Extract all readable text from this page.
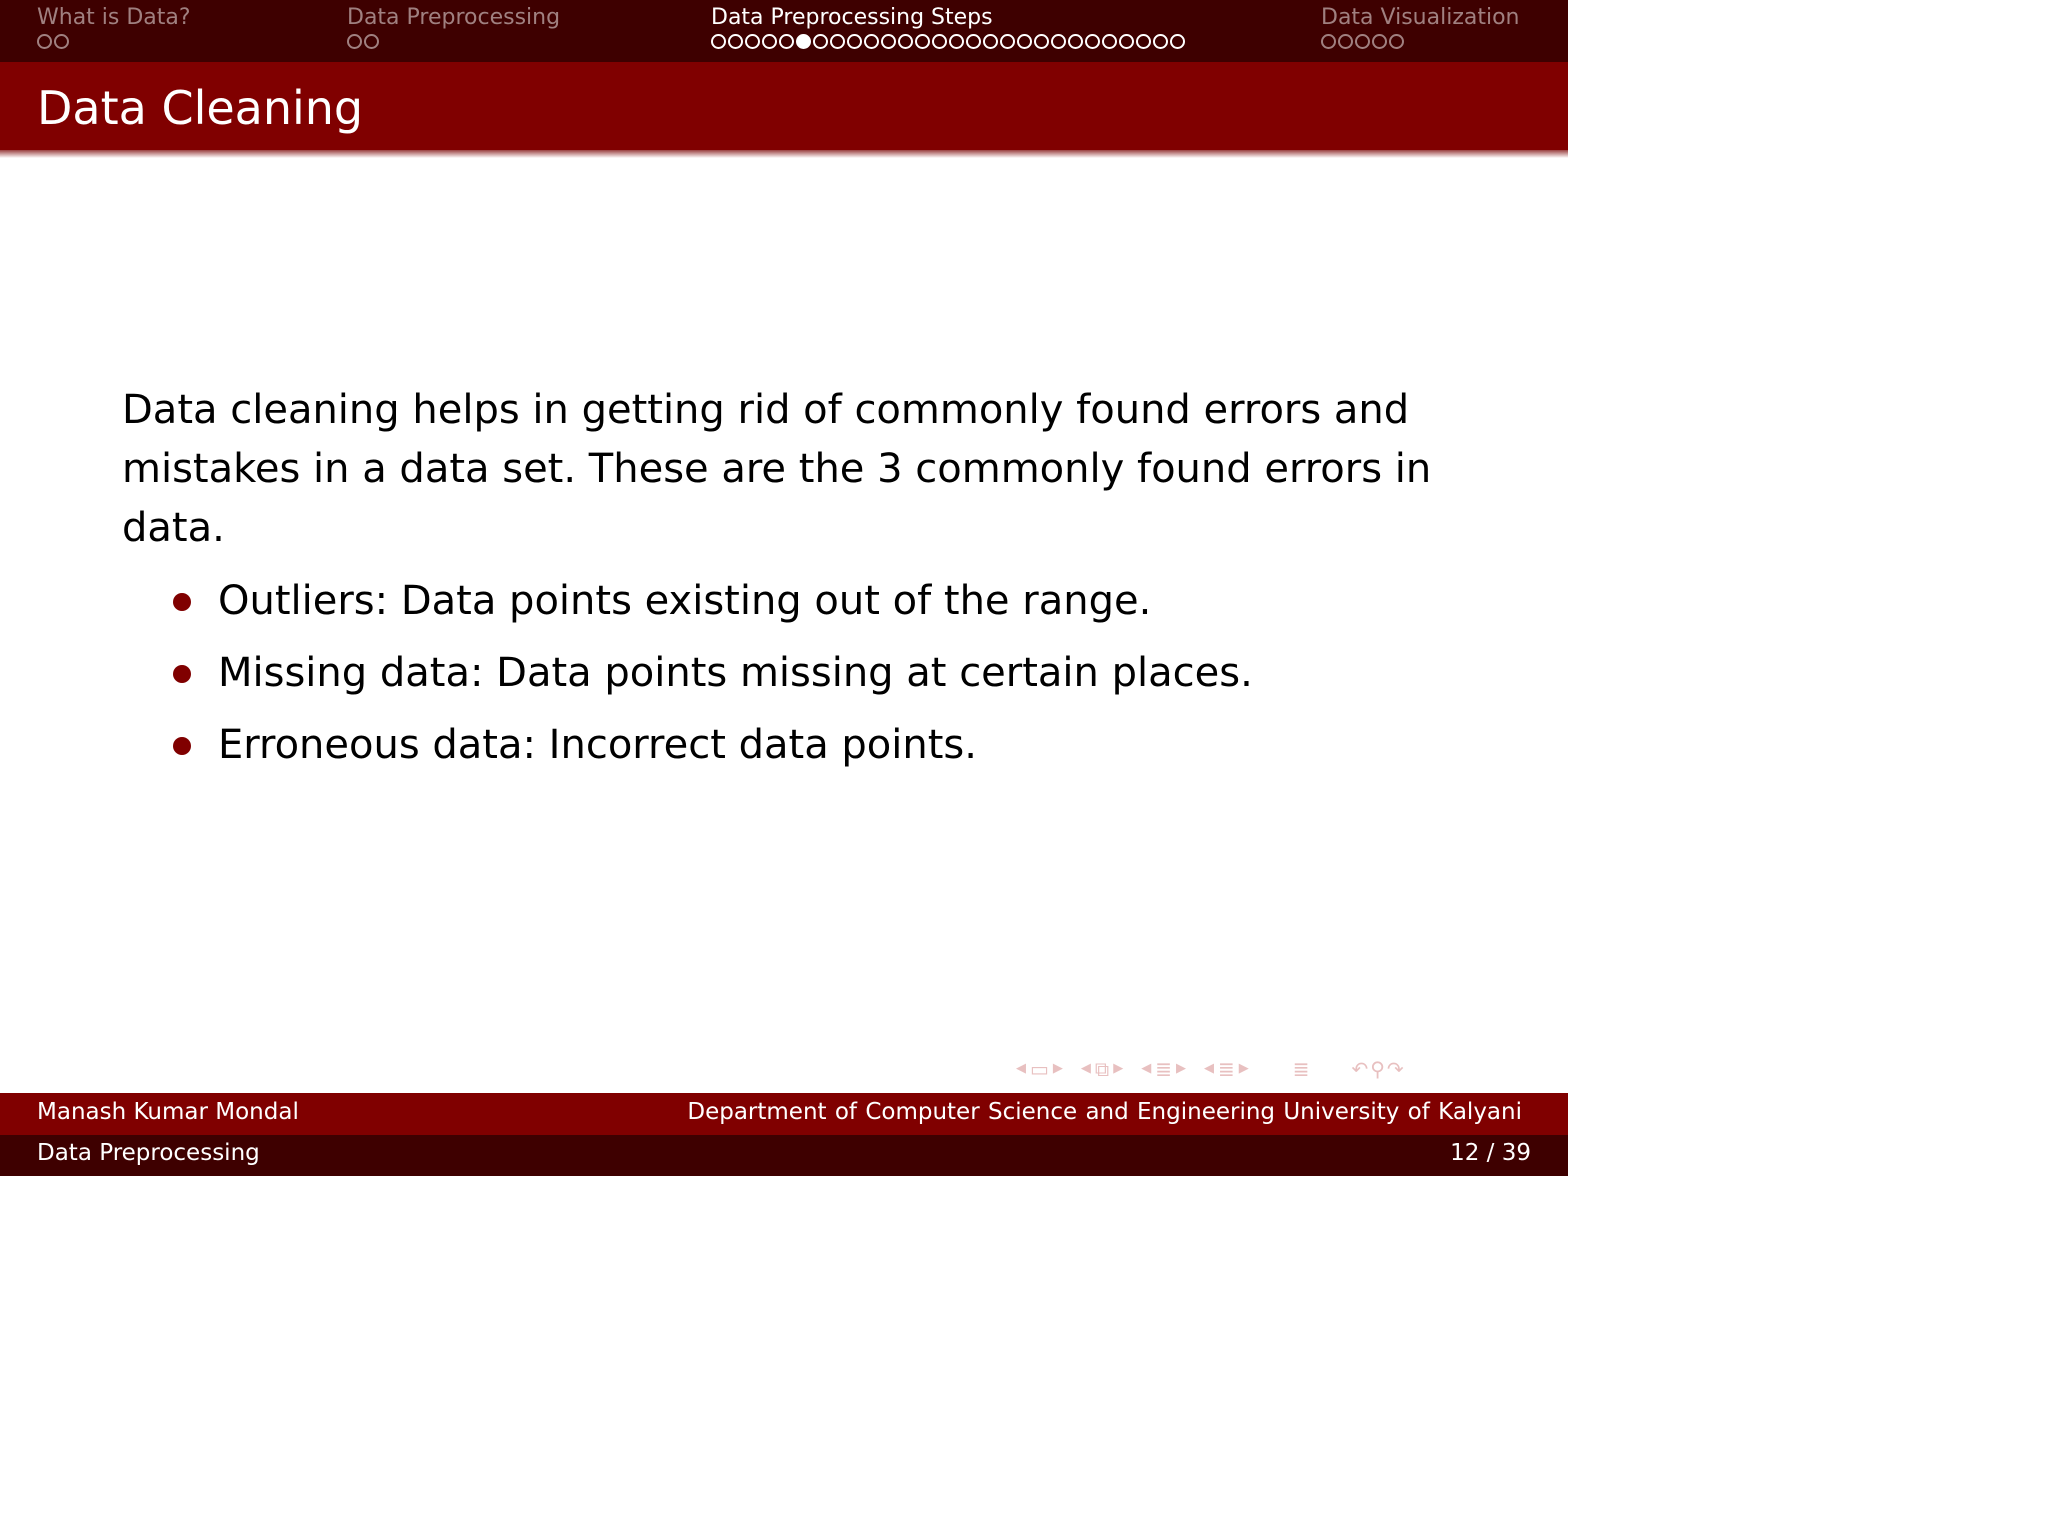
What is Data?	Data Preprocessing	Data Preprocessing Steps	Data Visualization
Data Cleaning

Data cleaning helps in getting rid of commonly found errors and mistakes in a data set. These are the 3 commonly found errors in data.

Outliers: Data points existing out of the range.
Missing data: Data points missing at certain places.
Erroneous data: Incorrect data points.
◀ ▭ ▶ ◀ ⧉ ▶ ◀ ≣ ▶ ◀ ≣ ▶ ≣ ↶ ⚲ ↷
Manash Kumar Mondal	Department of Computer Science and Engineering University of Kalyani
Data Preprocessing	12 / 39
